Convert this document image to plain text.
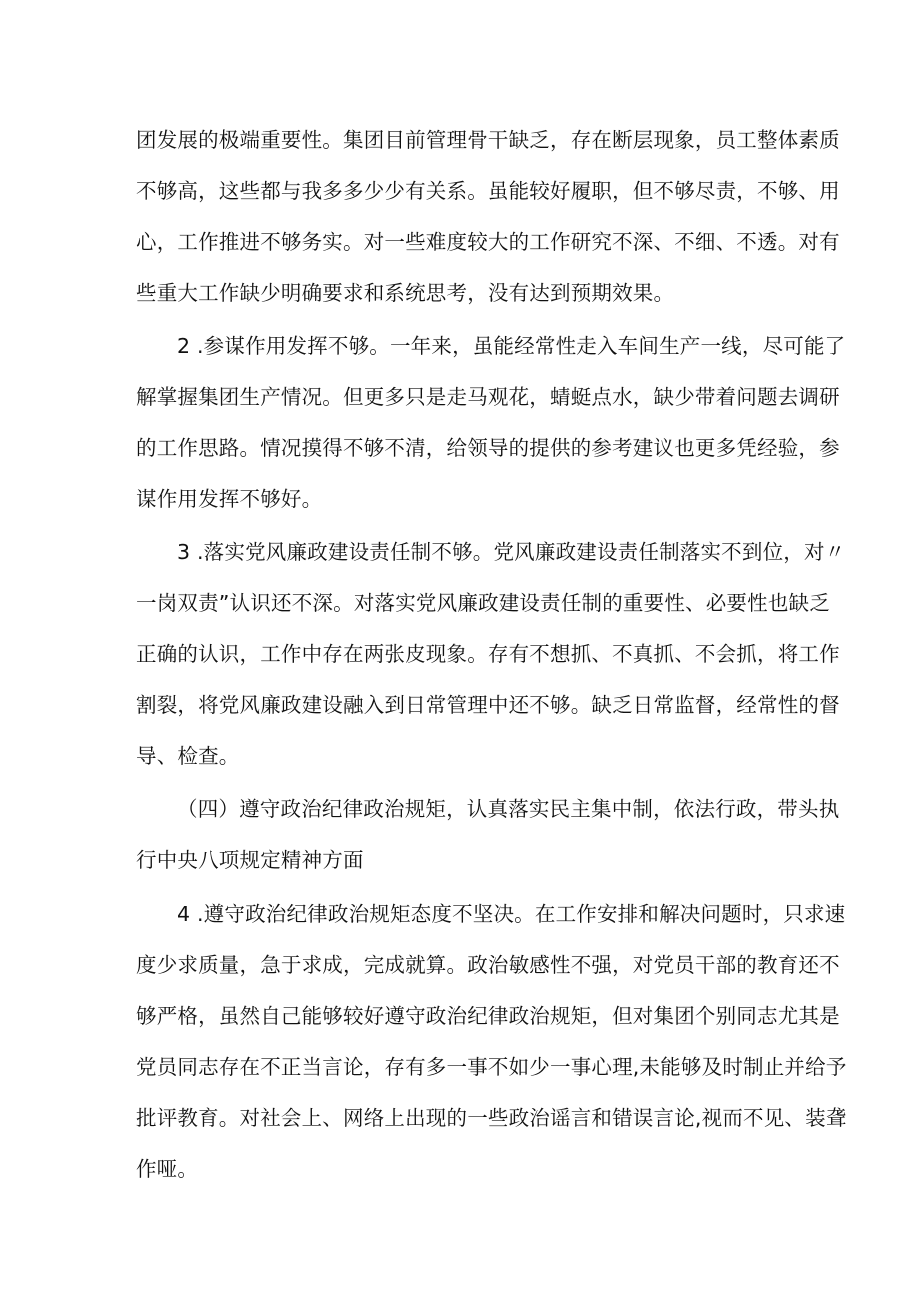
团发展的极端重要性。集团目前管理骨干缺乏，存在断层现象，员工整体素质
不够高，这些都与我多多少少有关系。虽能较好履职，但不够尽责，不够、用
心，工作推进不够务实。对一些难度较大的工作研究不深、不细、不透。对有
些重大工作缺少明确要求和系统思考，没有达到预期效果。
2 .参谋作用发挥不够。一年来，虽能经常性走入车间生产一线，尽可能了
解掌握集团生产情况。但更多只是走马观花，蜻蜓点水，缺少带着问题去调研
的工作思路。情况摸得不够不清，给领导的提供的参考建议也更多凭经验，参
谋作用发挥不够好。
3 .落实党风廉政建设责任制不够。党风廉政建设责任制落实不到位，对〃
一岗双责”认识还不深。对落实党风廉政建设责任制的重要性、必要性也缺乏
正确的认识，工作中存在两张皮现象。存有不想抓、不真抓、不会抓，将工作
割裂，将党风廉政建设融入到日常管理中还不够。缺乏日常监督，经常性的督
导、检查。
（四）遵守政治纪律政治规矩，认真落实民主集中制，依法行政，带头执
行中央八项规定精神方面
4 .遵守政治纪律政治规矩态度不坚决。在工作安排和解决问题时，只求速
度少求质量，急于求成，完成就算。政治敏感性不强，对党员干部的教育还不
够严格，虽然自己能够较好遵守政治纪律政治规矩，但对集团个别同志尤其是
党员同志存在不正当言论，存有多一事不如少一事心理,未能够及时制止并给予
批评教育。对社会上、网络上出现的一些政治谣言和错误言论,视而不见、装聋
作哑。
